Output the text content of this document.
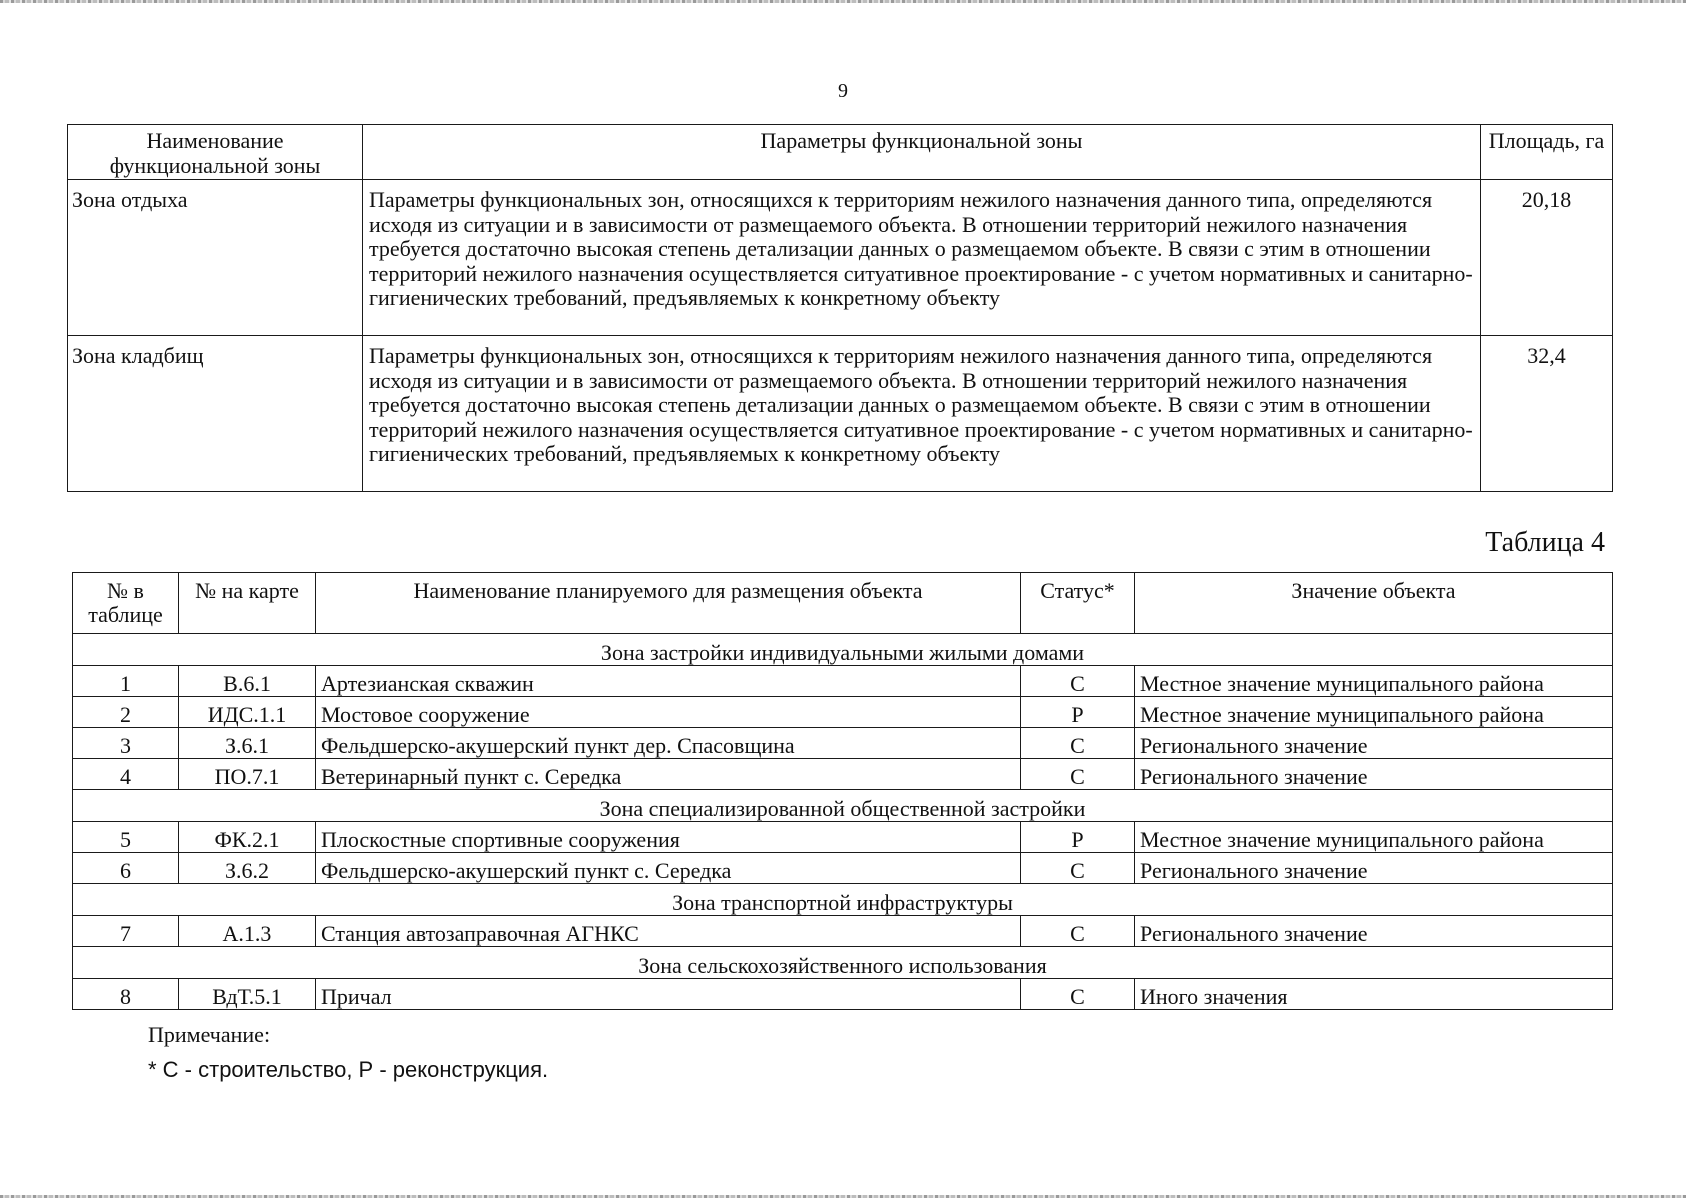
9
Наименование функциональной зоны	Параметры функциональной зоны	Площадь, га
Зона отдыха	Параметры функциональных зон, относящихся к территориям нежилого назначения данного типа, определяются исходя из ситуации и в зависимости от размещаемого объекта. В отношении территорий нежилого назначения требуется достаточно высокая степень детализации данных о размещаемом объекте. В связи с этим в отношении территорий нежилого назначения осуществляется ситуативное проектирование - с учетом нормативных и санитарно-гигиенических требований, предъявляемых к конкретному объекту	20,18
Зона кладбищ	Параметры функциональных зон, относящихся к территориям нежилого назначения данного типа, определяются исходя из ситуации и в зависимости от размещаемого объекта. В отношении территорий нежилого назначения требуется достаточно высокая степень детализации данных о размещаемом объекте. В связи с этим в отношении территорий нежилого назначения осуществляется ситуативное проектирование - с учетом нормативных и санитарно-гигиенических требований, предъявляемых к конкретному объекту	32,4
Таблица 4
№ в таблице	№ на карте	Наименование планируемого для размещения объекта	Статус*	Значение объекта
Зона застройки индивидуальными жилыми домами				
1	В.6.1	Артезианская скважин	С	Местное значение муниципального района
2	ИДС.1.1	Мостовое сооружение	Р	Местное значение муниципального района
3	З.6.1	Фельдшерско-акушерский пункт дер. Спасовщина	С	Регионального значение
4	ПО.7.1	Ветеринарный пункт с. Середка	С	Регионального значение
Зона специализированной общественной застройки				
5	ФК.2.1	Плоскостные спортивные сооружения	Р	Местное значение муниципального района
6	З.6.2	Фельдшерско-акушерский пункт с. Середка	С	Регионального значение
Зона транспортной инфраструктуры				
7	А.1.3	Станция автозаправочная АГНКС	С	Регионального значение
Зона сельскохозяйственного использования				
8	ВдТ.5.1	Причал	С	Иного значения
Примечание:
* С - строительство, Р - реконструкция.
